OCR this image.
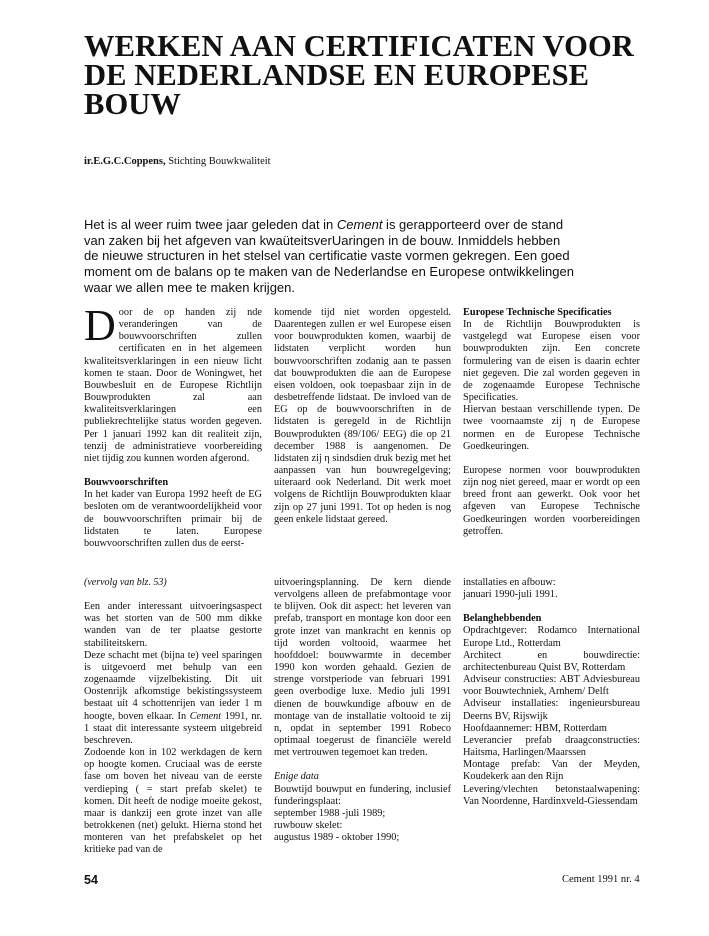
WERKEN AAN CERTIFICATEN VOOR DE NEDERLANDSE EN EUROPESE BOUW
ir.E.G.C.Coppens, Stichting Bouwkwaliteit

Het is al weer ruim twee jaar geleden dat in Cement is gerapporteerd over de stand van zaken bij het afgeven van kwaüteitsverUaringen in de bouw. Inmiddels hebben de nieuwe structuren in het stelsel van certificatie vaste vormen gekregen. Een goed moment om de balans op te maken van de Nederlandse en Europese ontwikkelingen waar we allen mee te maken krijgen.

Door de op handen zij nde veranderingen van de bouwvoorschriften zullen certificaten en in het algemeen kwaliteitsverklaringen in een nieuw licht komen te staan. Door de Woningwet, het Bouwbesluit en de Europese Richtlijn Bouwprodukten zal aan kwaliteitsverklaringen een publiekrechtelijke status worden gegeven. Per 1 januari 1992 kan dit realiteit zijn, tenzij de administratieve voorbereiding niet tijdig zou kunnen worden afgerond.

Bouwvoorschriften

In het kader van Europa 1992 heeft de EG besloten om de verantwoordelijkheid voor de bouwvoorschriften primair bij de lidstaten te laten. Europese bouwvoorschriften zullen dus de eerst-

komende tijd niet worden opgesteld. Daarentegen zullen er wel Europese eisen voor bouwprodukten komen, waarbij de lidstaten verplicht worden hun bouwvoorschriften zodanig aan te passen dat bouwprodukten die aan de Europese eisen voldoen, ook toepasbaar zijn in de desbetreffende lidstaat. De invloed van de EG op de bouwvoorschriften in de lidstaten is geregeld in de Richtlijn Bouwprodukten (89/106/ EEG) die op 21 december 1988 is aangenomen. De lidstaten zij η sindsdien druk bezig met het aanpassen van hun bouwregelgeving; uiteraard ook Nederland. Dit werk moet volgens de Richtlijn Bouwprodukten klaar zijn op 27 juni 1991. Tot op heden is nog geen enkele lidstaat gereed.

Europese Technische Specificaties

In de Richtlijn Bouwprodukten is vastgelegd wat Europese eisen voor bouwprodukten zijn. Een concrete formulering van de eisen is daarin echter niet gegeven. Die zal worden gegeven in de zogenaamde Europese Technische Specificaties.

Hiervan bestaan verschillende typen. De twee voornaamste zij η de Europese normen en de Europese Technische Goedkeuringen.

Europese normen voor bouwprodukten zijn nog niet gereed, maar er wordt op een breed front aan gewerkt. Ook voor het afgeven van Europese Technische Goedkeuringen worden voorbereidingen getroffen.

(vervolg van blz. 53)

Een ander interessant uitvoeringsaspect was het storten van de 500 mm dikke wanden van de ter plaatse gestorte stabiliteitskern.

Deze schacht met (bijna te) veel sparingen is uitgevoerd met behulp van een zogenaamde vijzelbekisting. Dit uit Oostenrijk afkomstige bekistingssysteem bestaat uit 4 schottenrijen van ieder 1 m hoogte, boven elkaar. In Cement 1991, nr. 1 staat dit interessante systeem uitgebreid beschreven.

Zodoende kon in 102 werkdagen de kern op hoogte komen. Cruciaal was de eerste fase om boven het niveau van de eerste verdieping ( = start prefab skelet) te komen. Dit heeft de nodige moeite gekost, maar is dankzij een grote inzet van alle betrokkenen (net) gelukt. Hierna stond het monteren van het prefabskelet op het kritieke pad van de

uitvoeringsplanning. De kern diende vervolgens alleen de prefabmontage voor te blijven. Ook dit aspect: het leveren van prefab, transport en montage kon door een grote inzet van mankracht en kennis op tijd worden voltooid, waarmee het hoofddoel: bouwwarmte in december 1990 kon worden gehaald. Gezien de strenge vorstperiode van februari 1991 geen overbodige luxe. Medio juli 1991 dienen de bouwkundige afbouw en de montage van de installatie voltooid te zij n, opdat in september 1991 Robeco optimaal toegerust de financiële wereld met vertrouwen tegemoet kan treden.

Enige data

Bouwtijd bouwput en fundering, inclusief funderingsplaat:

september 1988 -juli 1989;

ruwbouw skelet:

augustus 1989 - oktober 1990;

installaties en afbouw:

januari 1990-juli 1991.

Belanghebbenden

Opdrachtgever: Rodamco International Europe Ltd., Rotterdam

Architect en bouwdirectie: architectenbureau Quist BV, Rotterdam

Adviseur constructies: ABT Adviesbureau voor Bouwtechniek, Arnhem/ Delft

Adviseur installaties: ingenieursbureau Deerns BV, Rijswijk

Hoofdaannemer: HBM, Rotterdam

Leverancier prefab draagconstructies: Haitsma, Harlingen/Maarssen

Montage prefab: Van der Meyden, Koudekerk aan den Rijn

Levering/vlechten betonstaalwapening: Van Noordenne, Hardinxveld-Giessendam

54	Cement 1991 nr. 4
